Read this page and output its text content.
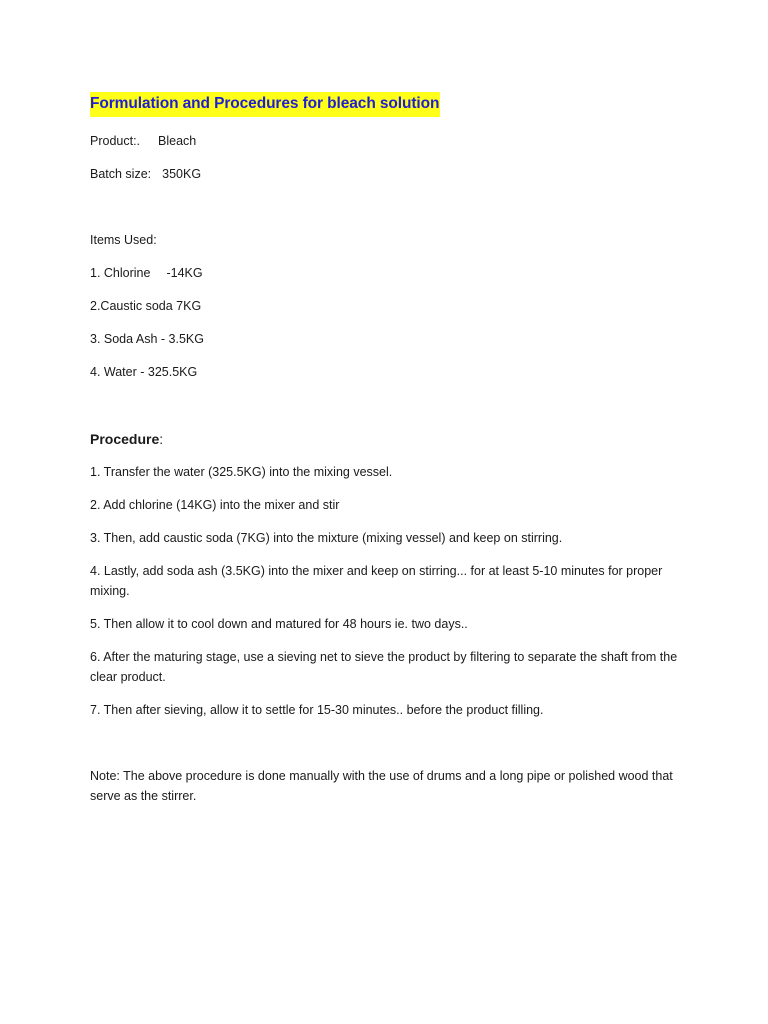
Formulation and Procedures for bleach solution

Product:. Bleach

Batch size: 350KG

Items Used:

1. Chlorine -14KG

2.Caustic soda 7KG

3. Soda Ash - 3.5KG

4. Water - 325.5KG

Procedure:

1. Transfer the water (325.5KG) into the mixing vessel.

2. Add chlorine (14KG) into the mixer and stir

3. Then, add caustic soda (7KG) into the mixture (mixing vessel) and keep on stirring.

4. Lastly, add soda ash (3.5KG) into the mixer and keep on stirring... for at least 5-10 minutes for proper mixing.

5. Then allow it to cool down and matured for 48 hours ie. two days..

6. After the maturing stage, use a sieving net to sieve the product by filtering to separate the shaft from the clear product.

7. Then after sieving, allow it to settle for 15-30 minutes.. before the product filling.

Note: The above procedure is done manually with the use of drums and a long pipe or polished wood that serve as the stirrer.
